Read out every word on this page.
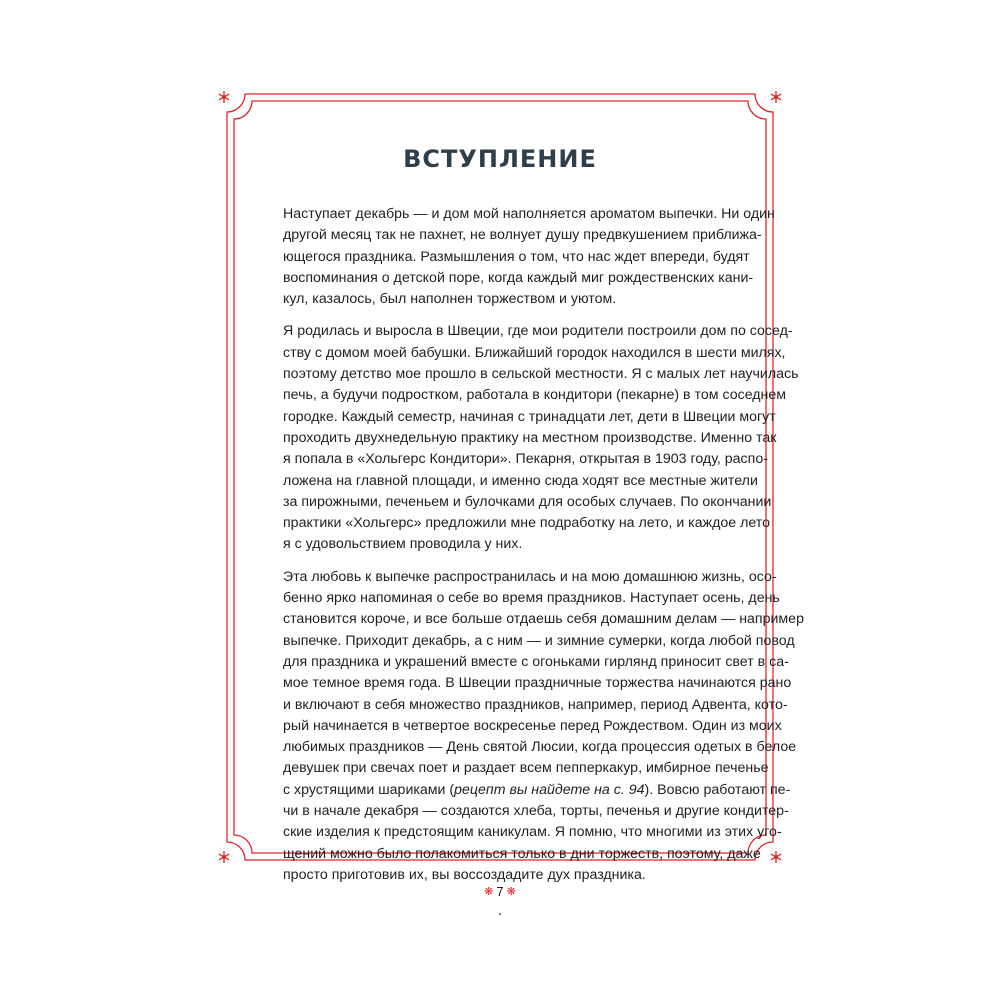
ВСТУПЛЕНИЕ

Наступает декабрь — и дом мой наполняется ароматом выпечки. Ни один
другой месяц так не пахнет, не волнует душу предвкушением приближа-
ющегося праздника. Размышления о том, что нас ждет впереди, будят
воспоминания о детской поре, когда каждый миг рождественских кани-
кул, казалось, был наполнен торжеством и уютом.

Я родилась и выросла в Швеции, где мои родители построили дом по сосед-
ству с домом моей бабушки. Ближайший городок находился в шести милях,
поэтому детство мое прошло в сельской местности. Я с малых лет научилась
печь, а будучи подростком, работала в кондитори (пекарне) в том соседнем
городке. Каждый семестр, начиная с тринадцати лет, дети в Швеции могут
проходить двухнедельную практику на местном производстве. Именно так
я попала в «Хольгерс Кондитори». Пекарня, открытая в 1903 году, распо-
ложена на главной площади, и именно сюда ходят все местные жители
за пирожными, печеньем и булочками для особых случаев. По окончании
практики «Хольгерс» предложили мне подработку на лето, и каждое лето
я с удовольствием проводила у них.

Эта любовь к выпечке распространилась и на мою домашнюю жизнь, осо-
бенно ярко напоминая о себе во время праздников. Наступает осень, день
становится короче, и все больше отдаешь себя домашним делам — например
выпечке. Приходит декабрь, а с ним — и зимние сумерки, когда любой повод
для праздника и украшений вместе с огоньками гирлянд приносит свет в са-
мое темное время года. В Швеции праздничные торжества начинаются рано
и включают в себя множество праздников, например, период Адвента, кото-
рый начинается в четвертое воскресенье перед Рождеством. Один из моих
любимых праздников — День святой Люсии, когда процессия одетых в белое
девушек при свечах поет и раздает всем пепперкакур, имбирное печенье
с хрустящими шариками (рецепт вы найдете на с. 94). Вовсю работают пе-
чи в начале декабря — создаются хлеба, торты, печенья и другие кондитер-
ские изделия к предстоящим каникулам. Я помню, что многими из этих уго-
щений можно было полакомиться только в дни торжеств, поэтому, даже
просто приготовив их, вы воссоздадите дух праздника.

❋ 7 ❋
